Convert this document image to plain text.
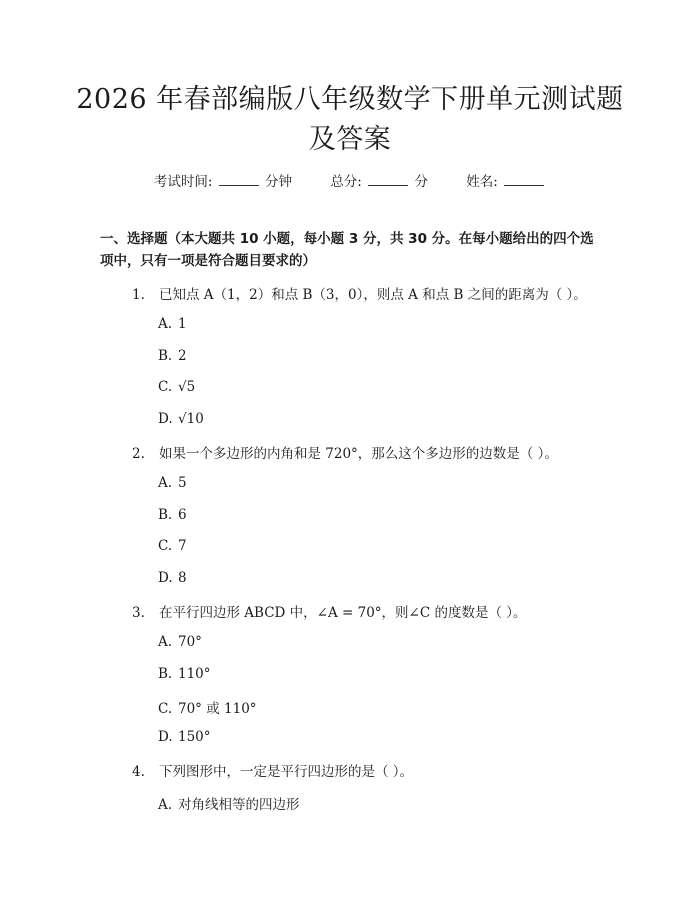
2026 年春部编版八年级数学下册单元测试题
及答案
考试时间:	分钟	总分:	分	姓名:
一、选择题（本大题共 10 小题，每小题 3 分，共 30 分。在每小题给出的四个选
项中，只有一项是符合题目要求的）
1. 已知点 A（1，2）和点 B（3，0），则点 A 和点 B 之间的距离为（ ）。
A. 1
B. 2
C. √5
D. √10
2. 如果一个多边形的内角和是 720°，那么这个多边形的边数是（ ）。
A. 5
B. 6
C. 7
D. 8
3. 在平行四边形 ABCD 中，∠A = 70°，则∠C 的度数是（ ）。
A. 70°
B. 110°
C. 70° 或 110°
D. 150°
4. 下列图形中，一定是平行四边形的是（ ）。
A. 对角线相等的四边形
